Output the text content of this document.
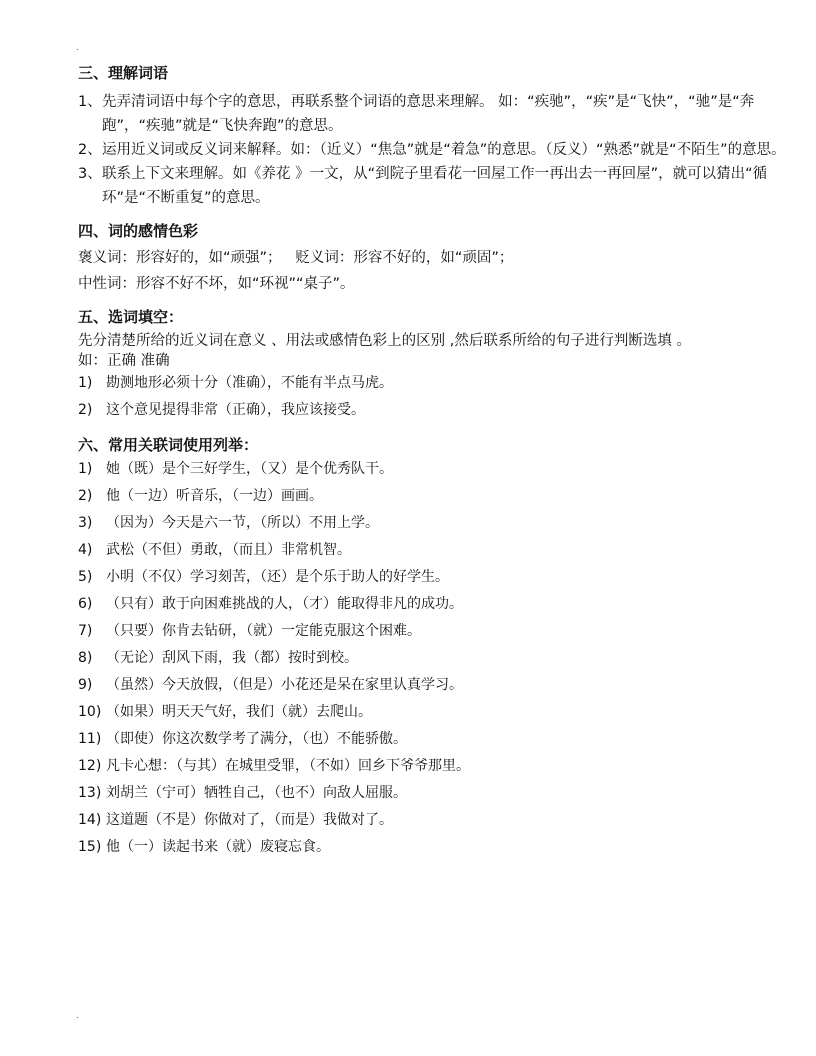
.

三、理解词语

1、 先弄清词语中每个字的意思，再联系整个词语的意思来理解。 如：“疾驰”，“疾”是“飞快”，“驰”是“奔跑”，“疾驰”就是“飞快奔跑”的意思。
2、 运用近义词或反义词来解释。如：（近义）“焦急”就是“着急”的意思。（反义）“熟悉”就是“不陌生”的意思。
3、 联系上下文来理解。如《养花 》一文，从“到院子里看花一回屋工作一再出去一再回屋”，就可以猜出“循环”是“不断重复”的意思。

四、词的感情色彩

褒义词：形容好的，如“顽强”；   贬义词：形容不好的，如“顽固”；

中性词：形容不好不坏，如“环视”“桌子”。

五、选词填空：

先分清楚所给的近义词在意义 、用法或感情色彩上的区别 ,然后联系所给的句子进行判断选填 。

如：正确 准确

1) 勘测地形必须十分（准确），不能有半点马虎。
2) 这个意见提得非常（正确），我应该接受。

六、常用关联词使用列举：

1) 她（既）是个三好学生，（又）是个优秀队干。
2) 他（一边）听音乐，（一边）画画。
3) （因为）今天是六一节，（所以）不用上学。
4) 武松（不但）勇敢，（而且）非常机智。
5) 小明（不仅）学习刻苦，（还）是个乐于助人的好学生。
6) （只有）敢于向困难挑战的人，（才）能取得非凡的成功。
7) （只要）你肯去钻研，（就）一定能克服这个困难。
8) （无论）刮风下雨，我（都）按时到校。
9) （虽然）今天放假，（但是）小花还是呆在家里认真学习。
10) （如果）明天天气好，我们（就）去爬山。
11) （即使）你这次数学考了满分，（也）不能骄傲。
12) 凡卡心想：（与其）在城里受罪，（不如）回乡下爷爷那里。
13) 刘胡兰（宁可）牺牲自己，（也不）向敌人屈服。
14) 这道题（不是）你做对了，（而是）我做对了。
15) 他（一）读起书来（就）废寝忘食。
.
